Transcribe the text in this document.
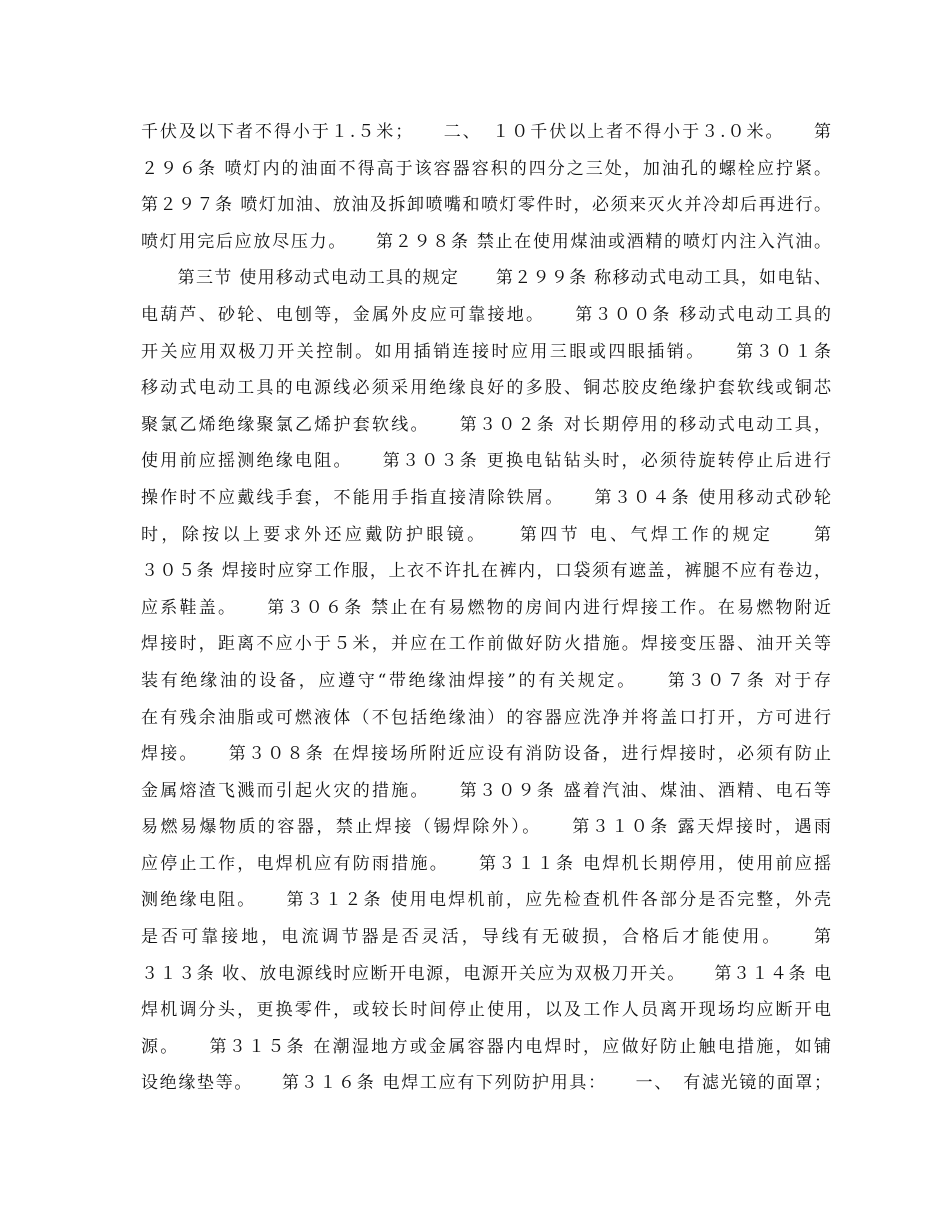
千伏及以下者不得小于１.５米；　　二、　１０千伏以上者不得小于３.０米。　　第
２９６条 喷灯内的油面不得高于该容器容积的四分之三处，加油孔的螺栓应拧紧。
第２９７条 喷灯加油、放油及拆卸喷嘴和喷灯零件时，必须来灭火并冷却后再进行。
喷灯用完后应放尽压力。　　第２９８条 禁止在使用煤油或酒精的喷灯内注入汽油。
　　第三节 使用移动式电动工具的规定　　第２９９条 称移动式电动工具，如电钻、
电葫芦、砂轮、电刨等，金属外皮应可靠接地。　　第３００条 移动式电动工具的
开关应用双极刀开关控制。如用插销连接时应用三眼或四眼插销。　　第３０１条
移动式电动工具的电源线必须采用绝缘良好的多股、铜芯胶皮绝缘护套软线或铜芯
聚氯乙烯绝缘聚氯乙烯护套软线。　　第３０２条 对长期停用的移动式电动工具，
使用前应摇测绝缘电阻。　　第３０３条 更换电钻钻头时，必须待旋转停止后进行
操作时不应戴线手套，不能用手指直接清除铁屑。　　第３０４条 使用移动式砂轮
时，除按以上要求外还应戴防护眼镜。　　第四节 电、气焊工作的规定　　第
３０５条 焊接时应穿工作服，上衣不许扎在裤内，口袋须有遮盖，裤腿不应有卷边，
应系鞋盖。　　第３０６条 禁止在有易燃物的房间内进行焊接工作。在易燃物附近
焊接时，距离不应小于５米，并应在工作前做好防火措施。焊接变压器、油开关等
装有绝缘油的设备，应遵守“带绝缘油焊接”的有关规定。　　第３０７条 对于存
在有残余油脂或可燃液体（不包括绝缘油）的容器应洗净并将盖口打开，方可进行
焊接。　　第３０８条 在焊接场所附近应设有消防设备，进行焊接时，必须有防止
金属熔渣飞溅而引起火灾的措施。　　第３０９条 盛着汽油、煤油、酒精、电石等
易燃易爆物质的容器，禁止焊接（锡焊除外）。　　第３１０条 露天焊接时，遇雨
应停止工作，电焊机应有防雨措施。　　第３１１条 电焊机长期停用，使用前应摇
测绝缘电阻。　　第３１２条 使用电焊机前，应先检查机件各部分是否完整，外壳
是否可靠接地，电流调节器是否灵活，导线有无破损，合格后才能使用。　　第
３１３条 收、放电源线时应断开电源，电源开关应为双极刀开关。　　第３１４条 电
焊机调分头，更换零件，或较长时间停止使用，以及工作人员离开现场均应断开电
源。　　第３１５条 在潮湿地方或金属容器内电焊时，应做好防止触电措施，如铺
设绝缘垫等。　　第３１６条 电焊工应有下列防护用具：　　一、　有滤光镜的面罩；
